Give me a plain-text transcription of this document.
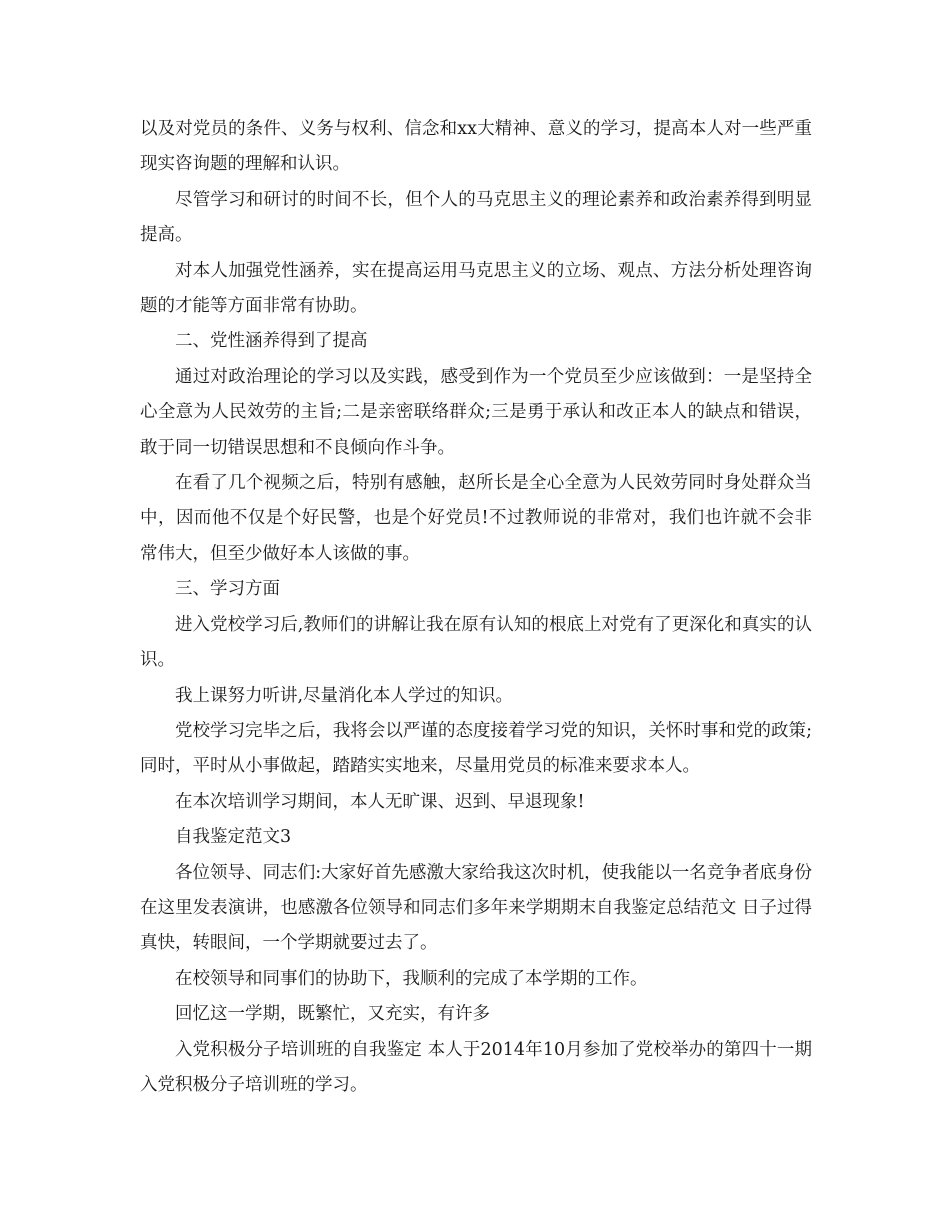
以及对党员的条件、义务与权利、信念和xx大精神、意义的学习，提高本人对一些严重现实咨询题的理解和认识。

尽管学习和研讨的时间不长，但个人的马克思主义的理论素养和政治素养得到明显提高。

对本人加强党性涵养，实在提高运用马克思主义的立场、观点、方法分析处理咨询题的才能等方面非常有协助。

二、党性涵养得到了提高

通过对政治理论的学习以及实践，感受到作为一个党员至少应该做到：一是坚持全心全意为人民效劳的主旨;二是亲密联络群众;三是勇于承认和改正本人的缺点和错误，敢于同一切错误思想和不良倾向作斗争。

在看了几个视频之后，特别有感触，赵所长是全心全意为人民效劳同时身处群众当中，因而他不仅是个好民警，也是个好党员!不过教师说的非常对，我们也许就不会非常伟大，但至少做好本人该做的事。

三、学习方面

进入党校学习后,教师们的讲解让我在原有认知的根底上对党有了更深化和真实的认识。

我上课努力听讲,尽量消化本人学过的知识。

党校学习完毕之后，我将会以严谨的态度接着学习党的知识，关怀时事和党的政策;同时，平时从小事做起，踏踏实实地来，尽量用党员的标准来要求本人。

在本次培训学习期间，本人无旷课、迟到、早退现象!

自我鉴定范文3

各位领导、同志们:大家好首先感激大家给我这次时机，使我能以一名竞争者底身份在这里发表演讲，也感激各位领导和同志们多年来学期期末自我鉴定总结范文 日子过得真快，转眼间，一个学期就要过去了。

在校领导和同事们的协助下，我顺利的完成了本学期的工作。

回忆这一学期，既繁忙，又充实，有许多

入党积极分子培训班的自我鉴定 本人于2014年10月参加了党校举办的第四十一期入党积极分子培训班的学习。
